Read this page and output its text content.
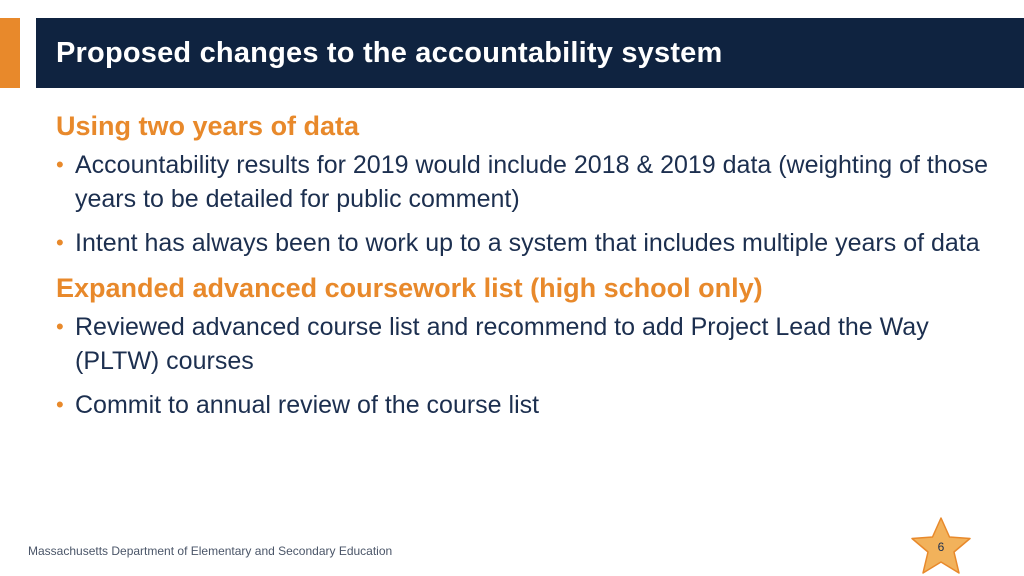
Proposed changes to the accountability system
Using two years of data
• Accountability results for 2019 would include 2018 & 2019 data (weighting of those years to be detailed for public comment)
• Intent has always been to work up to a system that includes multiple years of data
Expanded advanced coursework list (high school only)
• Reviewed advanced course list and recommend to add Project Lead the Way (PLTW) courses
• Commit to annual review of the course list
Massachusetts Department of Elementary and Secondary Education	6
